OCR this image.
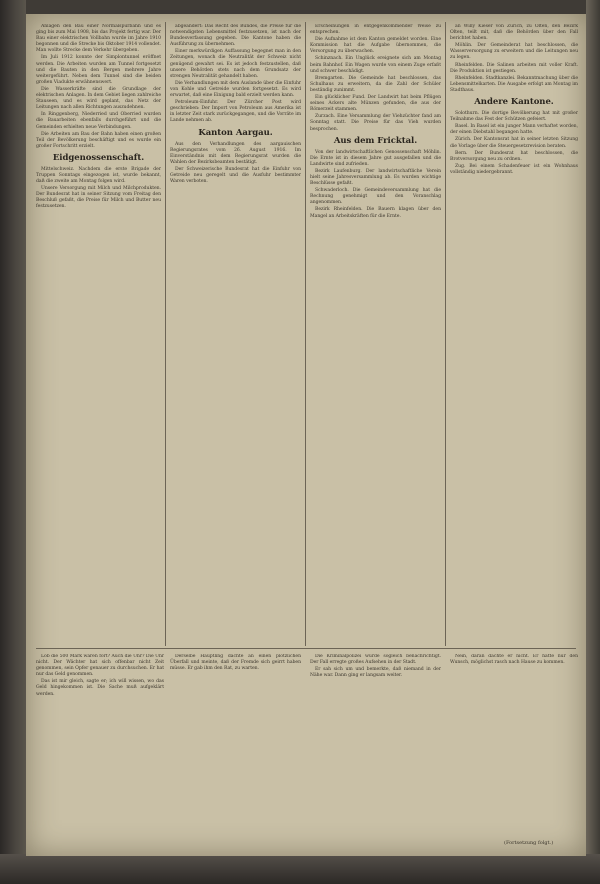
Anlagen den Bau einer Normalspurbahn und es ging bis zum Mai 1908, bis das Projekt fertig war. Der Bau einer elektrischen Vollbahn wurde im Jahre 1910 begonnen und die Strecke bis Oktober 1914 vollendet. Man wollte Strecke dem Verkehr übergeben.

Im Juli 1912 konnte der Simplontunnel eröffnet werden. Die Arbeiten wurden am Tunnel fortgesetzt und die Bauten in den Bergen mehrere Jahre weitergeführt. Neben dem Tunnel sind die beiden großen Viadukte erwähnenswert.

Die Wasserkräfte sind die Grundlage der elektrischen Anlagen. In dem Gebiet liegen zahlreiche Stauseen, und es wird geplant, das Netz der Leitungen nach allen Richtungen auszudehnen.

In Ringgenberg, Niederried und Oberried wurden die Bauarbeiten ebenfalls durchgeführt und die Gemeinden erhielten neue Verbindungen.

Die Arbeiten am Bau der Bahn haben einen großen Teil der Bevölkerung beschäftigt und es wurde ein großer Fortschritt erzielt.

Eidgenossenschaft.

Mittelschweiz. Nachdem die erste Brigade der Truppen Sonntags eingezogen ist, wurde bekannt, daß die zweite am Montag folgen wird.

Unsere Versorgung mit Milch und Milchprodukten. Der Bundesrat hat in seiner Sitzung vom Freitag den Beschluß gefaßt, die Preise für Milch und Butter neu festzusetzen.

abgeändert: Das Recht des Bundes, die Preise für die notwendigsten Lebensmittel festzusetzen, ist nach der Bundesverfassung gegeben. Die Kantone haben die Ausführung zu übernehmen.

Einer merkwürdigen Auffassung begegnet man in den Zeitungen, wonach die Neutralität der Schweiz nicht genügend gewahrt sei. Es ist jedoch festzustellen, daß unsere Behörden stets nach dem Grundsatz der strengen Neutralität gehandelt haben.

Die Verhandlungen mit dem Auslande über die Einfuhr von Kohle und Getreide wurden fortgesetzt. Es wird erwartet, daß eine Einigung bald erzielt werden kann.

Petroleum-Einfuhr. Der Zürcher Post wird geschrieben: Der Import von Petroleum aus Amerika ist in letzter Zeit stark zurückgegangen, und die Vorräte im Lande nehmen ab.

Kanton Aargau.

Aus den Verhandlungen des aargauischen Regierungsrates vom 26. August 1916. Im Einverständnis mit dem Regierungsrat wurden die Wahlen der Bezirksbeamten bestätigt.

Der Schweizerische Bundesrat hat die Einfuhr von Getreide neu geregelt und die Ausfuhr bestimmter Waren verboten.

Erscheinungen in entgegenkommender Weise zu entsprechen.

Die Aufnahme ist dem Kanton gemeldet worden. Eine Kommission hat die Aufgabe übernommen, die Versorgung zu überwachen.

Schinznach. Ein Unglück ereignete sich am Montag beim Bahnhof. Ein Wagen wurde von einem Zuge erfaßt und schwer beschädigt.

Bremgarten. Die Gemeinde hat beschlossen, das Schulhaus zu erweitern, da die Zahl der Schüler beständig zunimmt.

Ein glücklicher Fund. Der Landwirt hat beim Pflügen seines Ackers alte Münzen gefunden, die aus der Römerzeit stammen.

Zurzach. Eine Versammlung der Viehzüchter fand am Sonntag statt. Die Preise für das Vieh wurden besprochen.

Aus dem Fricktal.

Von der landwirtschaftlichen Genossenschaft Möhlin. Die Ernte ist in diesem Jahre gut ausgefallen und die Landwirte sind zufrieden.

Bezirk Laufenburg. Der landwirtschaftliche Verein hielt seine Jahresversammlung ab. Es wurden wichtige Beschlüsse gefaßt.

Schwaderloch. Die Gemeindeversammlung hat die Rechnung genehmigt und den Voranschlag angenommen.

Bezirk Rheinfelden. Die Bauern klagen über den Mangel an Arbeitskräften für die Ernte.

an Willy Kieser von Zürich, zu Olten, den Bezirk Olten, teilt mit, daß die Behörden über den Fall berichtet haben.

Möhlin. Der Gemeinderat hat beschlossen, die Wasserversorgung zu erweitern und die Leitungen neu zu legen.

Rheinfelden. Die Salinen arbeiten mit voller Kraft. Die Produktion ist gestiegen.

Rheinfelden. Stadtkanzlei. Bekanntmachung über die Lebensmittelkarten. Die Ausgabe erfolgt am Montag im Stadthaus.

Andere Kantone.

Solothurn. Die dortige Bevölkerung hat mit großer Teilnahme das Fest der Schützen gefeiert.

Basel. In Basel ist ein junger Mann verhaftet worden, der einen Diebstahl begangen hatte.

Zürich. Der Kantonsrat hat in seiner letzten Sitzung die Vorlage über die Steuergesetzrevision beraten.

Bern. Der Bundesrat hat beschlossen, die Brotversorgung neu zu ordnen.

Zug. Bei einem Schadenfeuer ist ein Wohnhaus vollständig niedergebrannt.

Lob die 500 Mark waren fort? Auch die Uhr? Die Uhr nicht. Der Wächter hat sich offenbar nicht Zeit genommen, sein Opfer genauer zu durchsuchen. Er hat nur das Geld genommen.

Das ist mir gleich, sagte er; ich will wissen, wo das Geld hingekommen ist. Die Sache muß aufgeklärt werden.

Derselbe Häuptling dachte an einen plötzlichen Überfall und meinte, daß der Fremde sich geirrt haben müsse. Er gab ihm den Rat, zu warten.

Die Kriminalpolizei wurde sogleich benachrichtigt. Der Fall erregte großes Aufsehen in der Stadt.

Er sah sich um und bemerkte, daß niemand in der Nähe war. Dann ging er langsam weiter.

Nein, daran dachte er nicht. Er hatte nur den Wunsch, möglichst rasch nach Hause zu kommen.

(Fortsetzung folgt.)
